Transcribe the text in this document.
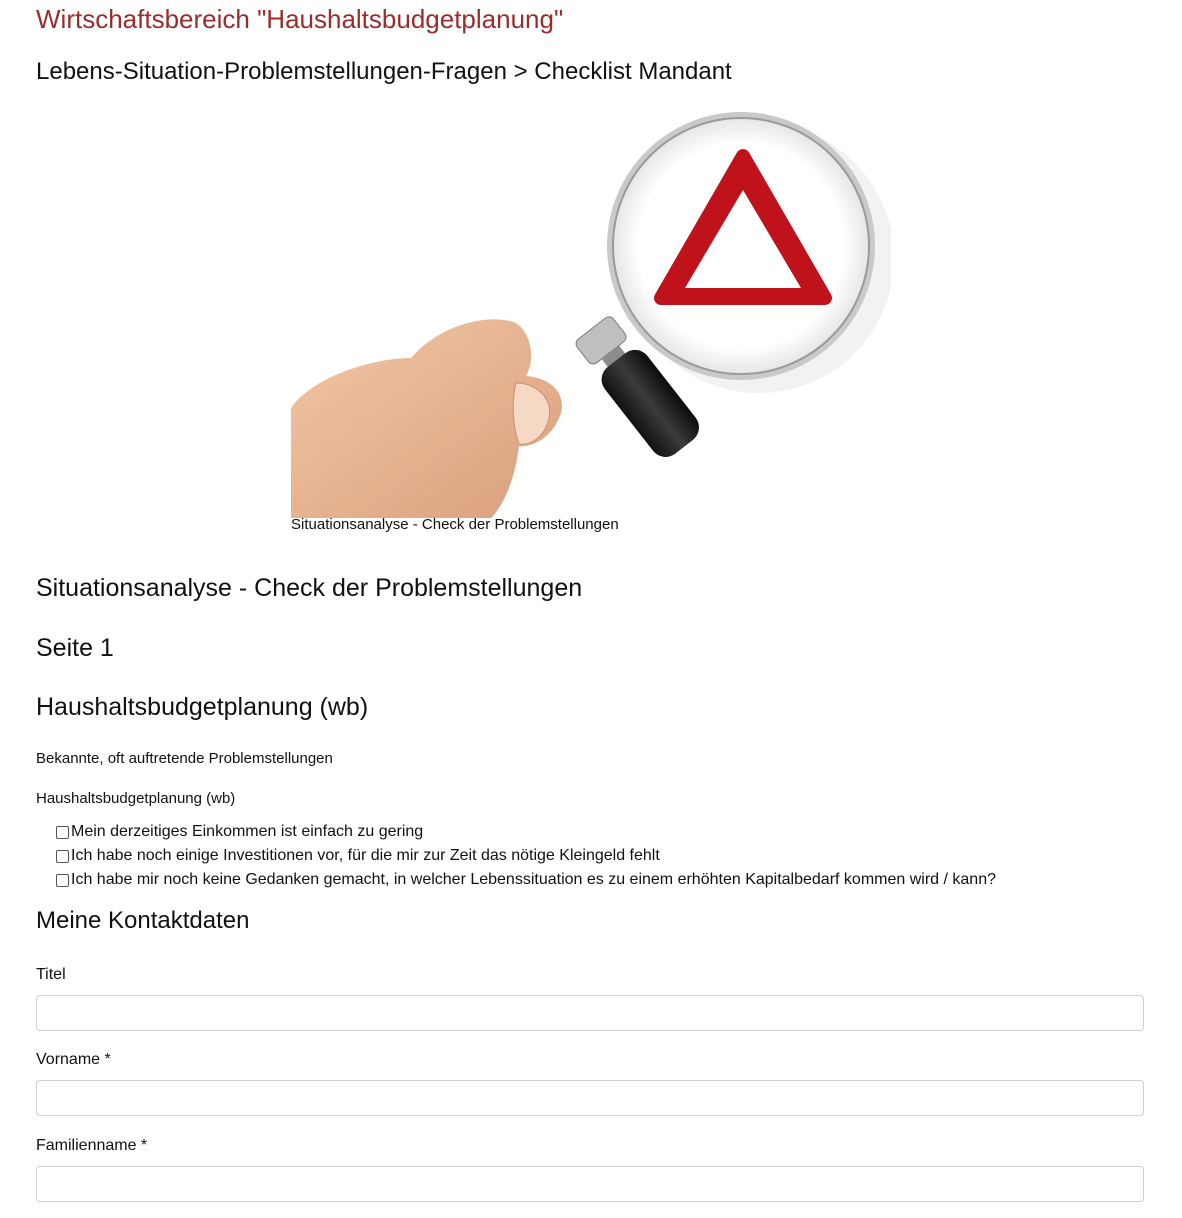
Wirtschaftsbereich "Haushaltsbudgetplanung"
Lebens-Situation-Problemstellungen-Fragen > Checklist Mandant
Situationsanalyse - Check der Problemstellungen
Situationsanalyse - Check der Problemstellungen
Seite 1
Haushaltsbudgetplanung (wb)
Bekannte, oft auftretende Problemstellungen
Haushaltsbudgetplanung (wb)
Mein derzeitiges Einkommen ist einfach zu gering
Ich habe noch einige Investitionen vor, für die mir zur Zeit das nötige Kleingeld fehlt
Ich habe mir noch keine Gedanken gemacht, in welcher Lebenssituation es zu einem erhöhten Kapitalbedarf kommen wird / kann?
Meine Kontaktdaten
Titel
Vorname *
Familienname *
